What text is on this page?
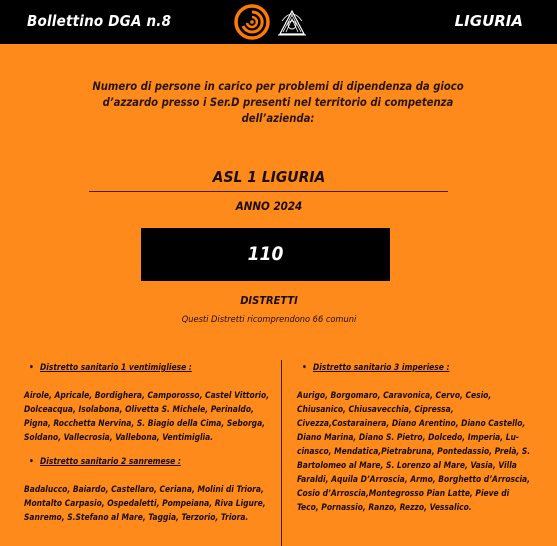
Bollettino DGA n.8	LIGURIA
Numero di persone in carico per problemi di dipendenza da gioco d’azzardo presso i Ser.D presenti nel territorio di competenza dell’azienda:
ASL 1 LIGURIA
ANNO 2024
110
DISTRETTI
Questi Distretti ricomprendono 66 comuni
• Distretto sanitario 1 ventimigliese :
Airole, Apricale, Bordighera, Camporosso, Castel Vittorio, Dolceacqua, Isolabona, Olivetta S. Michele, Perinaldo, Pigna, Rocchetta Nervina, S. Biagio della Cima, Seborga, Soldano, Vallecrosia, Vallebona, Ventimiglia.
• Distretto sanitario 2 sanremese :
Badalucco, Baiardo, Castellaro, Ceriana, Molini di Triora, Montalto Carpasio, Ospedaletti, Pompeiana, Riva Ligure, Sanremo, S.Stefano al Mare, Taggia, Terzorio, Triora.
• Distretto sanitario 3 imperiese :
Aurigo, Borgomaro, Caravonica, Cervo, Cesio, Chiusanico, Chiusavecchia, Cipressa, Civezza,Costarainera, Diano Arentino, Diano Castello, Diano Marina, Diano S. Pietro, Dolcedo, Imperia, Lu-cinasco, Mendatica,Pietrabruna, Pontedassio, Prelà, S. Bartolomeo al Mare, S. Lorenzo al Mare, Vasia, Villa Faraldi, Aquila D’Arroscia, Armo, Borghetto d’Arroscia, Cosio d’Arroscia,Montegrosso Pian Latte, Pieve di Teco, Pornassio, Ranzo, Rezzo, Vessalico.
